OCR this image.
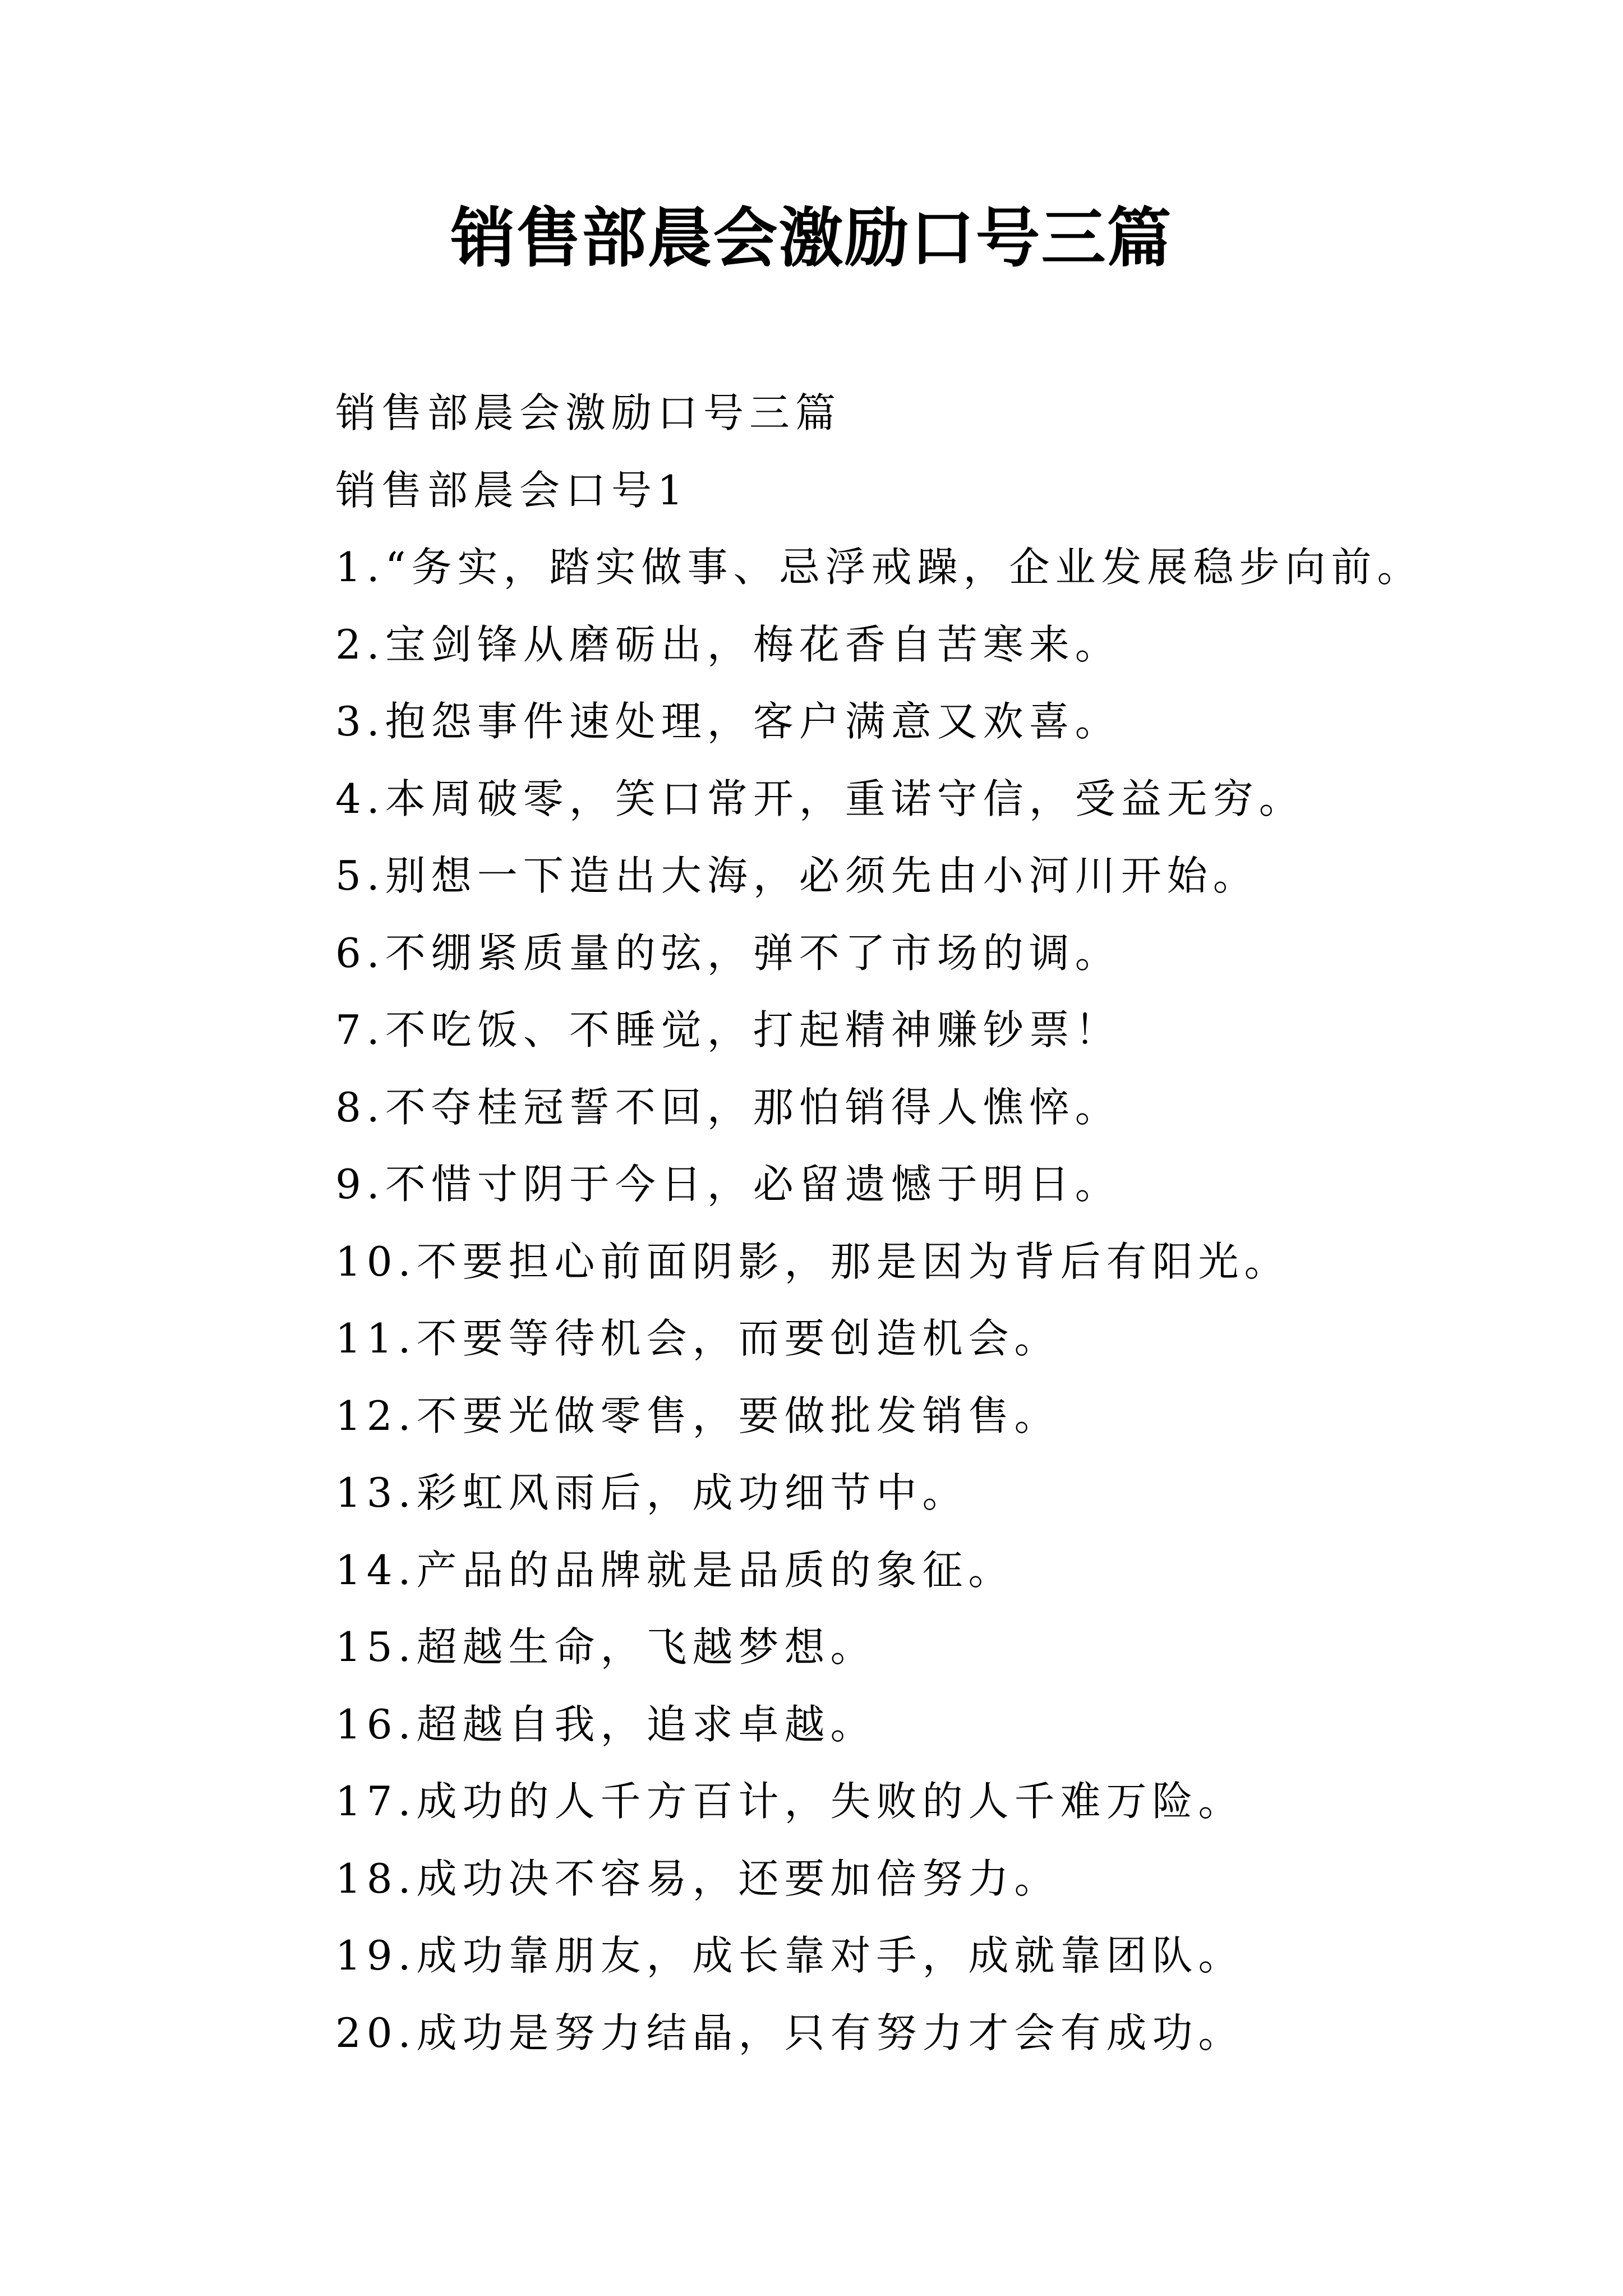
销售部晨会激励口号三篇

销售部晨会激励口号三篇

销售部晨会口号1

1.“务实，踏实做事、忌浮戒躁，企业发展稳步向前。
2.宝剑锋从磨砺出，梅花香自苦寒来。
3.抱怨事件速处理，客户满意又欢喜。
4.本周破零，笑口常开，重诺守信，受益无穷。
5.别想一下造出大海，必须先由小河川开始。
6.不绷紧质量的弦，弹不了市场的调。
7.不吃饭、不睡觉，打起精神赚钞票！
8.不夺桂冠誓不回，那怕销得人憔悴。
9.不惜寸阴于今日，必留遗憾于明日。
10.不要担心前面阴影，那是因为背后有阳光。
11.不要等待机会，而要创造机会。
12.不要光做零售，要做批发销售。
13.彩虹风雨后，成功细节中。
14.产品的品牌就是品质的象征。
15.超越生命，飞越梦想。
16.超越自我，追求卓越。
17.成功的人千方百计，失败的人千难万险。
18.成功决不容易，还要加倍努力。
19.成功靠朋友，成长靠对手，成就靠团队。
20.成功是努力结晶，只有努力才会有成功。
